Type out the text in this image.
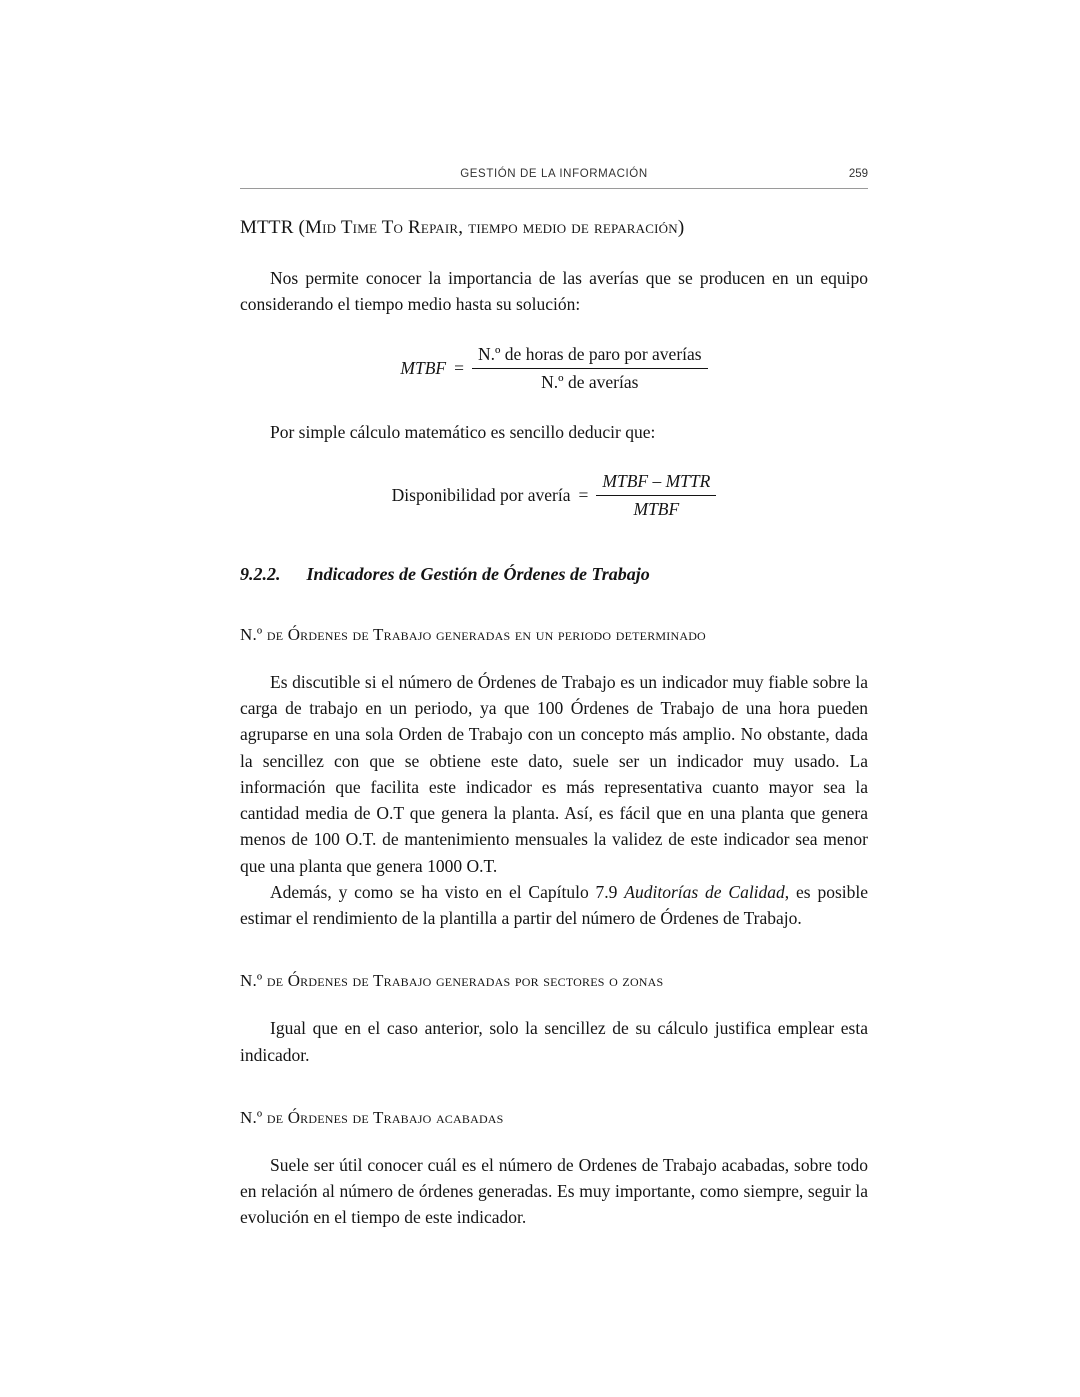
GESTIÓN DE LA INFORMACIÓN	259
MTTR (Mid Time To Repair, tiempo medio de reparación)

Nos permite conocer la importancia de las averías que se producen en un equipo considerando el tiempo medio hasta su solución:

MTBF = $\frac{\text{N.º de horas de paro por averías}}{\text{N.º de averías}}$

Por simple cálculo matemático es sencillo deducir que:

Disponibilidad por avería = $\frac{\text{MTBF – MTTR}}{\text{MTBF}}$
9.2.2. Indicadores de Gestión de Órdenes de Trabajo
N.º de Órdenes de Trabajo generadas en un periodo determinado

Es discutible si el número de Órdenes de Trabajo es un indicador muy fiable sobre la carga de trabajo en un periodo, ya que 100 Órdenes de Trabajo de una hora pueden agruparse en una sola Orden de Trabajo con un concepto más amplio. No obstante, dada la sencillez con que se obtiene este dato, suele ser un indicador muy usado. La información que facilita este indicador es más representativa cuanto mayor sea la cantidad media de O.T que genera la planta. Así, es fácil que en una planta que genera menos de 100 O.T. de mantenimiento mensuales la validez de este indicador sea menor que una planta que genera 1000 O.T.

Además, y como se ha visto en el Capítulo 7.9 Auditorías de Calidad, es posible estimar el rendimiento de la plantilla a partir del número de Órdenes de Trabajo.

N.º de Órdenes de Trabajo generadas por sectores o zonas

Igual que en el caso anterior, solo la sencillez de su cálculo justifica emplear esta indicador.

N.º de Órdenes de Trabajo acabadas

Suele ser útil conocer cuál es el número de Ordenes de Trabajo acabadas, sobre todo en relación al número de órdenes generadas. Es muy importante, como siempre, seguir la evolución en el tiempo de este indicador.
